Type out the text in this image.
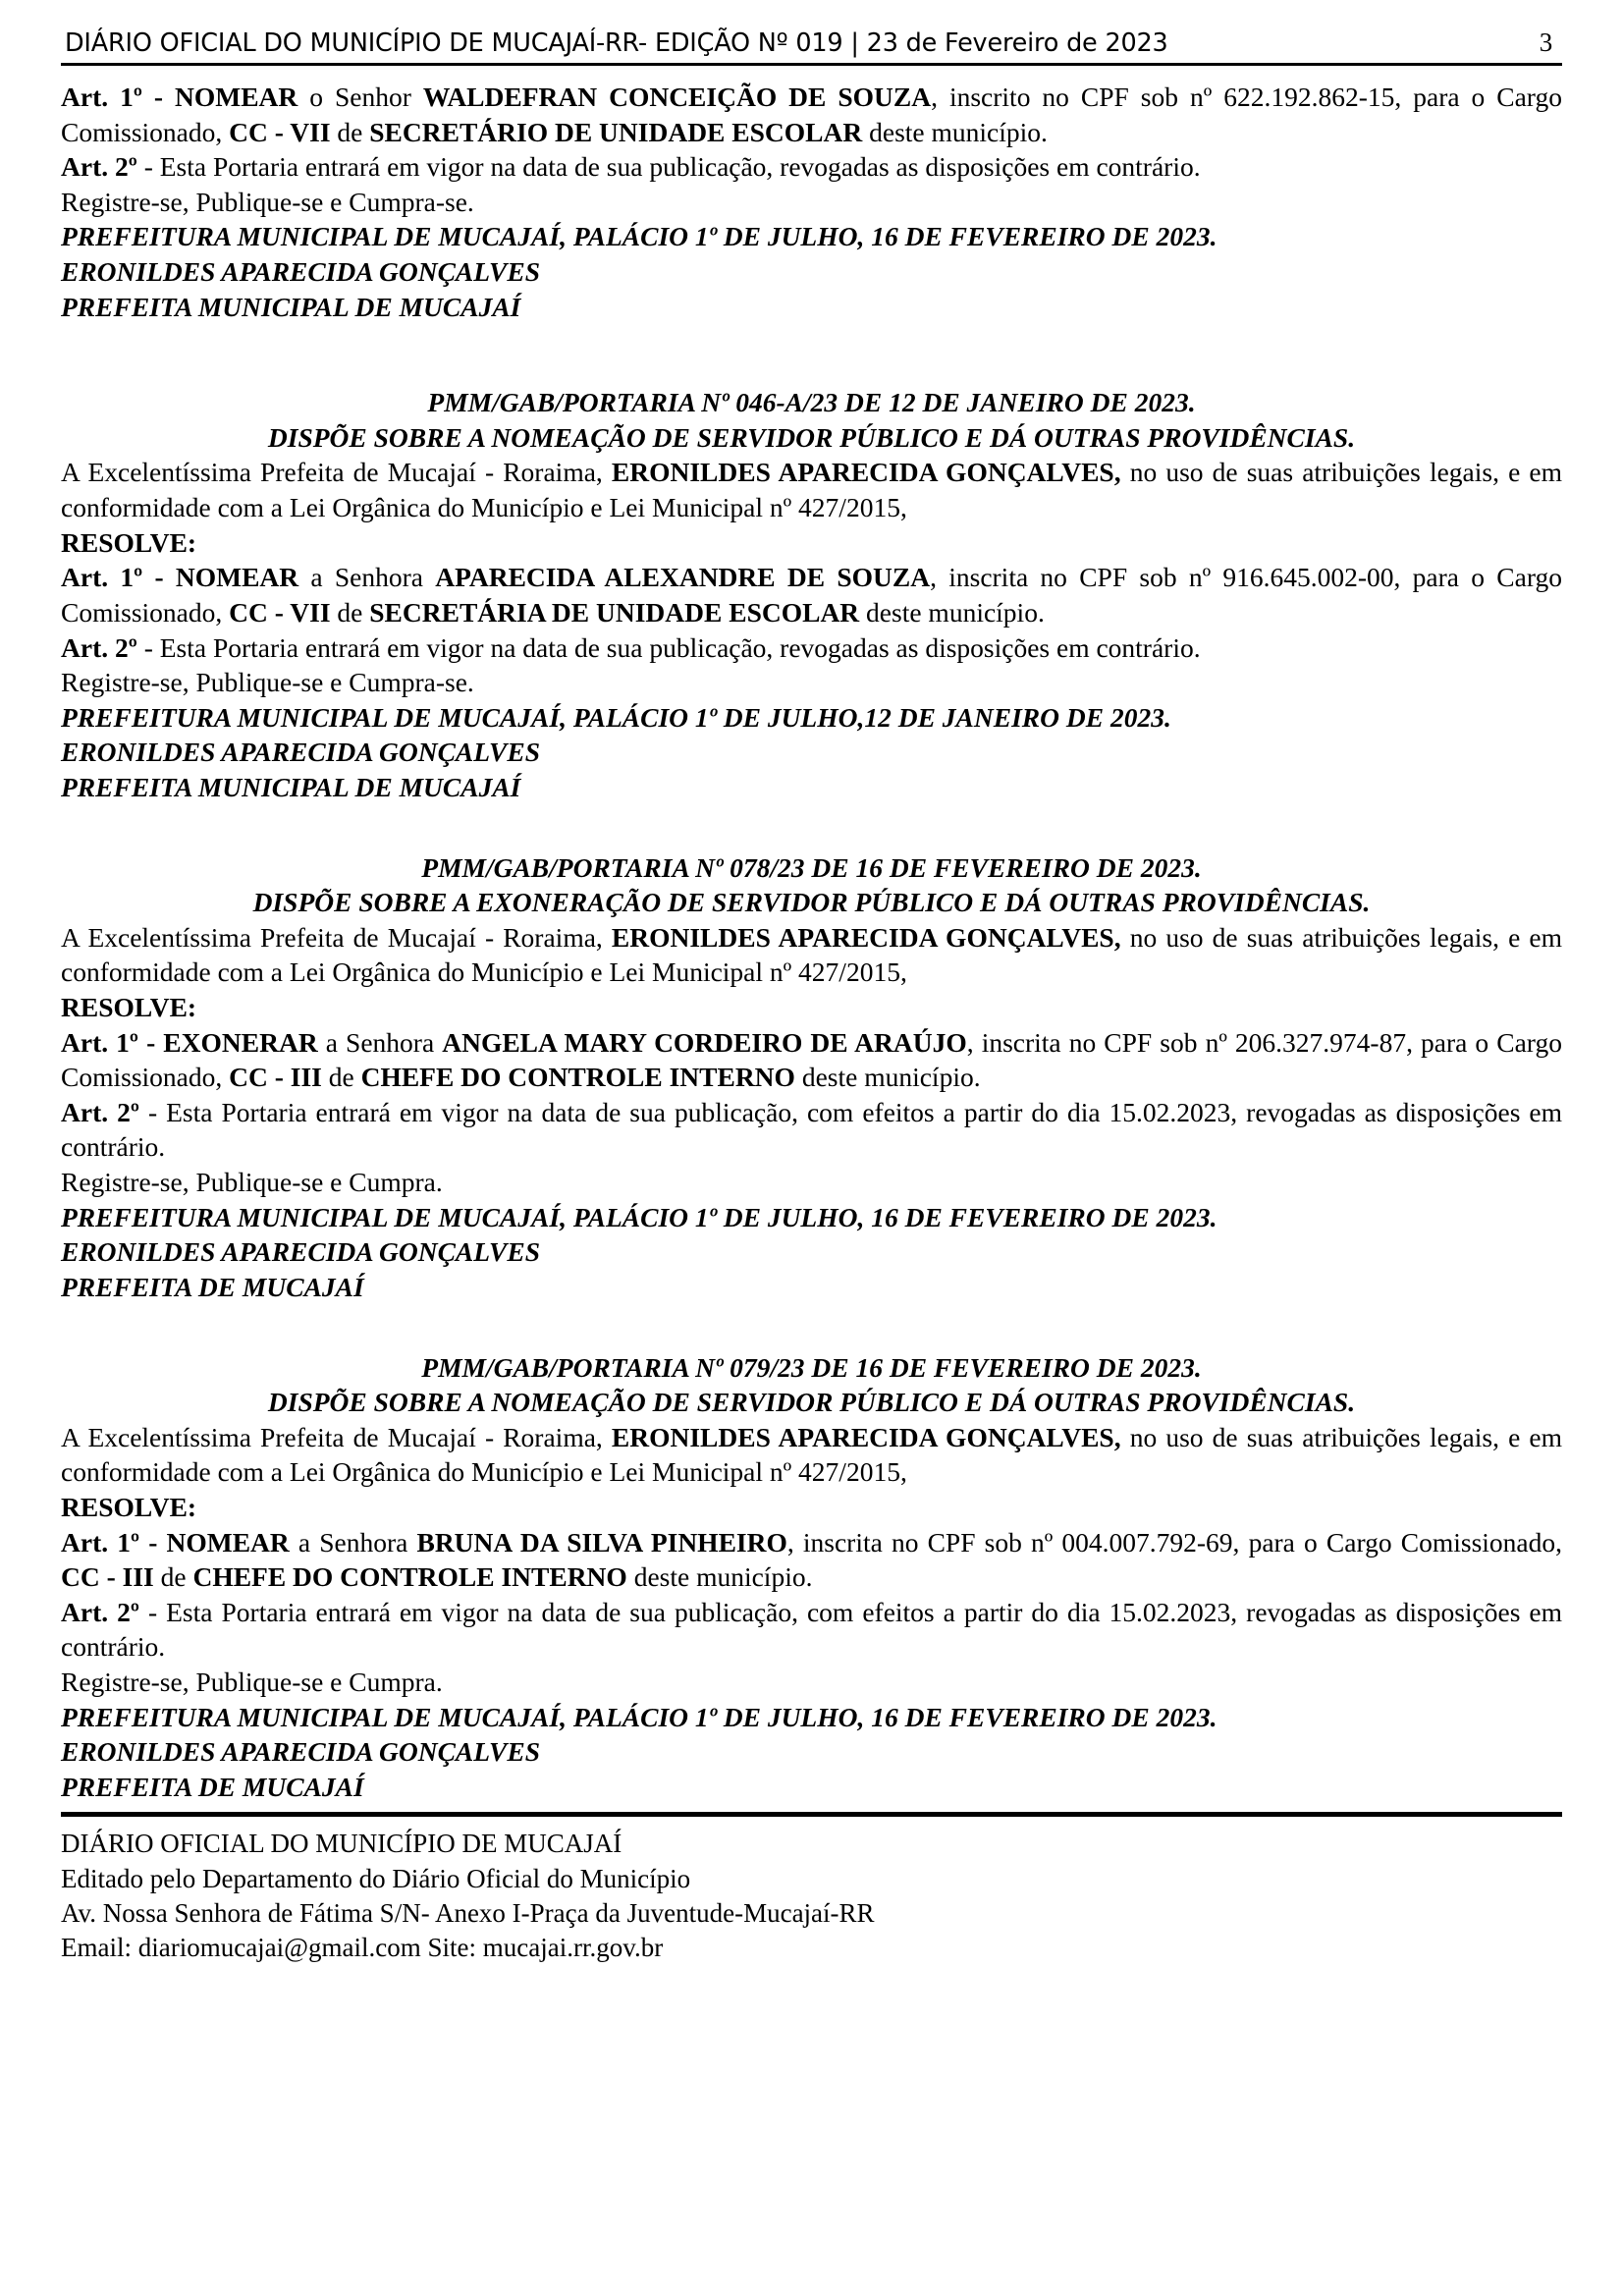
DIÁRIO OFICIAL DO MUNICÍPIO DE MUCAJAÍ-RR- EDIÇÃO Nº 019 | 23 de Fevereiro de 2023	3

Art. 1º - NOMEAR o Senhor WALDEFRAN CONCEIÇÃO DE SOUZA, inscrito no CPF sob nº 622.192.862-15, para o Cargo Comissionado, CC - VII de SECRETÁRIO DE UNIDADE ESCOLAR deste município.

Art. 2º - Esta Portaria entrará em vigor na data de sua publicação, revogadas as disposições em contrário.

Registre-se, Publique-se e Cumpra-se.

PREFEITURA MUNICIPAL DE MUCAJAÍ, PALÁCIO 1º DE JULHO, 16 DE FEVEREIRO DE 2023.

ERONILDES APARECIDA GONÇALVES

PREFEITA MUNICIPAL DE MUCAJAÍ

PMM/GAB/PORTARIA Nº 046-A/23 DE 12 DE JANEIRO DE 2023.

DISPÕE SOBRE A NOMEAÇÃO DE SERVIDOR PÚBLICO E DÁ OUTRAS PROVIDÊNCIAS.

A Excelentíssima Prefeita de Mucajaí - Roraima, ERONILDES APARECIDA GONÇALVES, no uso de suas atribuições legais, e em conformidade com a Lei Orgânica do Município e Lei Municipal nº 427/2015,

RESOLVE:

Art. 1º - NOMEAR a Senhora APARECIDA ALEXANDRE DE SOUZA, inscrita no CPF sob nº 916.645.002-00, para o Cargo Comissionado, CC - VII de SECRETÁRIA DE UNIDADE ESCOLAR deste município.

Art. 2º - Esta Portaria entrará em vigor na data de sua publicação, revogadas as disposições em contrário.

Registre-se, Publique-se e Cumpra-se.

PREFEITURA MUNICIPAL DE MUCAJAÍ, PALÁCIO 1º DE JULHO,12 DE JANEIRO DE 2023.

ERONILDES APARECIDA GONÇALVES

PREFEITA MUNICIPAL DE MUCAJAÍ

PMM/GAB/PORTARIA Nº 078/23 DE 16 DE FEVEREIRO DE 2023.

DISPÕE SOBRE A EXONERAÇÃO DE SERVIDOR PÚBLICO E DÁ OUTRAS PROVIDÊNCIAS.

A Excelentíssima Prefeita de Mucajaí - Roraima, ERONILDES APARECIDA GONÇALVES, no uso de suas atribuições legais, e em conformidade com a Lei Orgânica do Município e Lei Municipal nº 427/2015,

RESOLVE:

Art. 1º - EXONERAR a Senhora ANGELA MARY CORDEIRO DE ARAÚJO, inscrita no CPF sob nº 206.327.974-87, para o Cargo Comissionado, CC - III de CHEFE DO CONTROLE INTERNO deste município.

Art. 2º - Esta Portaria entrará em vigor na data de sua publicação, com efeitos a partir do dia 15.02.2023, revogadas as disposições em contrário.

Registre-se, Publique-se e Cumpra.

PREFEITURA MUNICIPAL DE MUCAJAÍ, PALÁCIO 1º DE JULHO, 16 DE FEVEREIRO DE 2023.

ERONILDES APARECIDA GONÇALVES

PREFEITA DE MUCAJAÍ

PMM/GAB/PORTARIA Nº 079/23 DE 16 DE FEVEREIRO DE 2023.

DISPÕE SOBRE A NOMEAÇÃO DE SERVIDOR PÚBLICO E DÁ OUTRAS PROVIDÊNCIAS.

A Excelentíssima Prefeita de Mucajaí - Roraima, ERONILDES APARECIDA GONÇALVES, no uso de suas atribuições legais, e em conformidade com a Lei Orgânica do Município e Lei Municipal nº 427/2015,

RESOLVE:

Art. 1º - NOMEAR a Senhora BRUNA DA SILVA PINHEIRO, inscrita no CPF sob nº 004.007.792-69, para o Cargo Comissionado, CC - III de CHEFE DO CONTROLE INTERNO deste município.

Art. 2º - Esta Portaria entrará em vigor na data de sua publicação, com efeitos a partir do dia 15.02.2023, revogadas as disposições em contrário.

Registre-se, Publique-se e Cumpra.

PREFEITURA MUNICIPAL DE MUCAJAÍ, PALÁCIO 1º DE JULHO, 16 DE FEVEREIRO DE 2023.

ERONILDES APARECIDA GONÇALVES

PREFEITA DE MUCAJAÍ

DIÁRIO OFICIAL DO MUNICÍPIO DE MUCAJAÍ

Editado pelo Departamento do Diário Oficial do Município

Av. Nossa Senhora de Fátima S/N- Anexo I-Praça da Juventude-Mucajaí-RR

Email: diariomucajai@gmail.com Site: mucajai.rr.gov.br
